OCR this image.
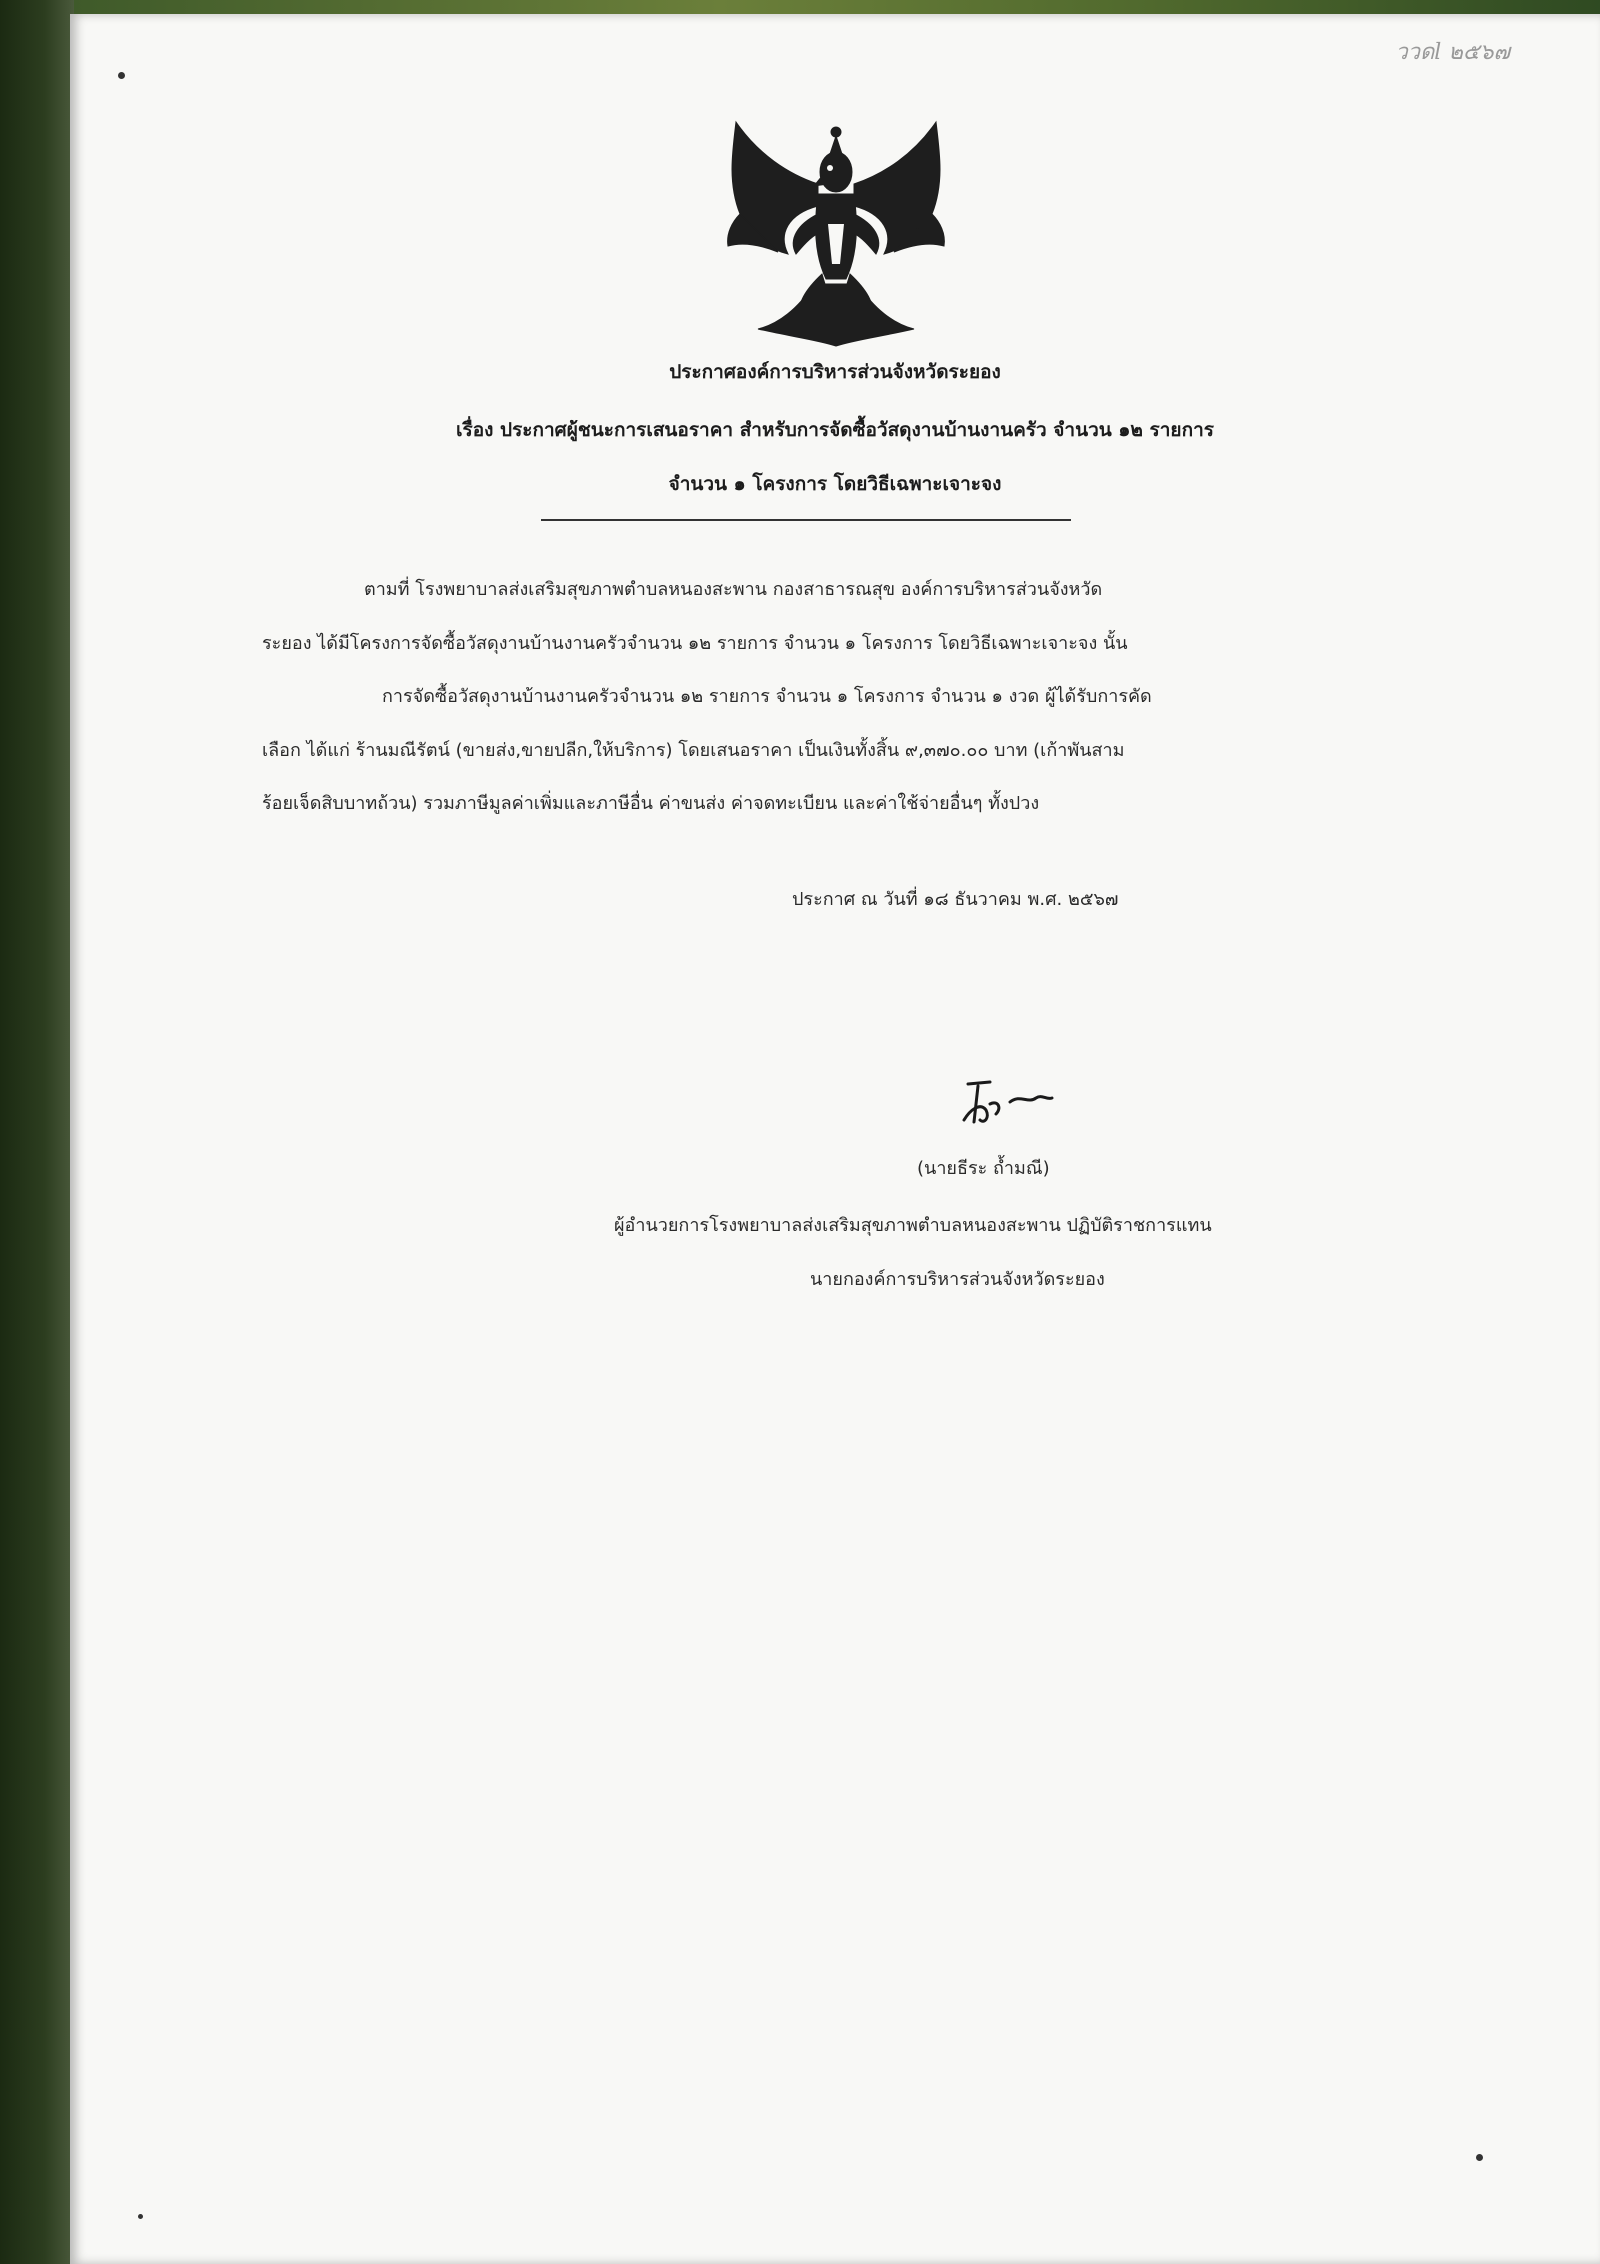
ววดl ๒๕๖๗
ประกาศองค์การบริหารส่วนจังหวัดระยอง
เรื่อง ประกาศผู้ชนะการเสนอราคา สำหรับการจัดซื้อวัสดุงานบ้านงานครัว จำนวน ๑๒ รายการ
จำนวน ๑ โครงการ โดยวิธีเฉพาะเจาะจง
ตามที่ โรงพยาบาลส่งเสริมสุขภาพตำบลหนองสะพาน กองสาธารณสุข องค์การบริหารส่วนจังหวัด
ระยอง ได้มีโครงการจัดซื้อวัสดุงานบ้านงานครัวจำนวน ๑๒ รายการ จำนวน ๑ โครงการ โดยวิธีเฉพาะเจาะจง นั้น
การจัดซื้อวัสดุงานบ้านงานครัวจำนวน ๑๒ รายการ จำนวน ๑ โครงการ จำนวน ๑ งวด ผู้ได้รับการคัด
เลือก ได้แก่ ร้านมณีรัตน์ (ขายส่ง,ขายปลีก,ให้บริการ) โดยเสนอราคา เป็นเงินทั้งสิ้น ๙,๓๗๐.๐๐ บาท (เก้าพันสาม
ร้อยเจ็ดสิบบาทถ้วน) รวมภาษีมูลค่าเพิ่มและภาษีอื่น ค่าขนส่ง ค่าจดทะเบียน และค่าใช้จ่ายอื่นๆ ทั้งปวง
ประกาศ ณ วันที่ ๑๘ ธันวาคม พ.ศ. ๒๕๖๗
(นายธีระ ถ้ำมณี)
ผู้อำนวยการโรงพยาบาลส่งเสริมสุขภาพตำบลหนองสะพาน ปฏิบัติราชการแทน
นายกองค์การบริหารส่วนจังหวัดระยอง
